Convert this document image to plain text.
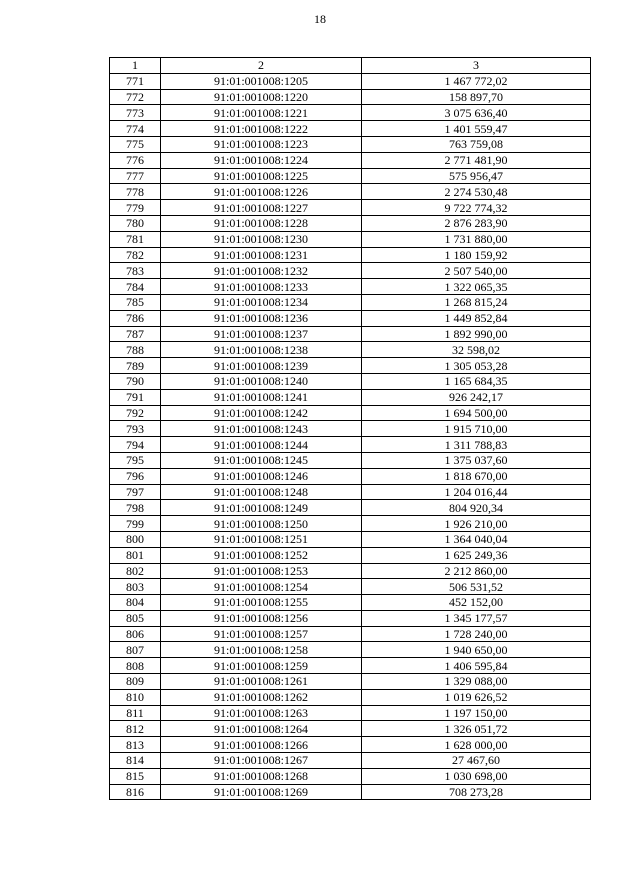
18
1	2	3
771	91:01:001008:1205	1 467 772,02
772	91:01:001008:1220	158 897,70
773	91:01:001008:1221	3 075 636,40
774	91:01:001008:1222	1 401 559,47
775	91:01:001008:1223	763 759,08
776	91:01:001008:1224	2 771 481,90
777	91:01:001008:1225	575 956,47
778	91:01:001008:1226	2 274 530,48
779	91:01:001008:1227	9 722 774,32
780	91:01:001008:1228	2 876 283,90
781	91:01:001008:1230	1 731 880,00
782	91:01:001008:1231	1 180 159,92
783	91:01:001008:1232	2 507 540,00
784	91:01:001008:1233	1 322 065,35
785	91:01:001008:1234	1 268 815,24
786	91:01:001008:1236	1 449 852,84
787	91:01:001008:1237	1 892 990,00
788	91:01:001008:1238	32 598,02
789	91:01:001008:1239	1 305 053,28
790	91:01:001008:1240	1 165 684,35
791	91:01:001008:1241	926 242,17
792	91:01:001008:1242	1 694 500,00
793	91:01:001008:1243	1 915 710,00
794	91:01:001008:1244	1 311 788,83
795	91:01:001008:1245	1 375 037,60
796	91:01:001008:1246	1 818 670,00
797	91:01:001008:1248	1 204 016,44
798	91:01:001008:1249	804 920,34
799	91:01:001008:1250	1 926 210,00
800	91:01:001008:1251	1 364 040,04
801	91:01:001008:1252	1 625 249,36
802	91:01:001008:1253	2 212 860,00
803	91:01:001008:1254	506 531,52
804	91:01:001008:1255	452 152,00
805	91:01:001008:1256	1 345 177,57
806	91:01:001008:1257	1 728 240,00
807	91:01:001008:1258	1 940 650,00
808	91:01:001008:1259	1 406 595,84
809	91:01:001008:1261	1 329 088,00
810	91:01:001008:1262	1 019 626,52
811	91:01:001008:1263	1 197 150,00
812	91:01:001008:1264	1 326 051,72
813	91:01:001008:1266	1 628 000,00
814	91:01:001008:1267	27 467,60
815	91:01:001008:1268	1 030 698,00
816	91:01:001008:1269	708 273,28
